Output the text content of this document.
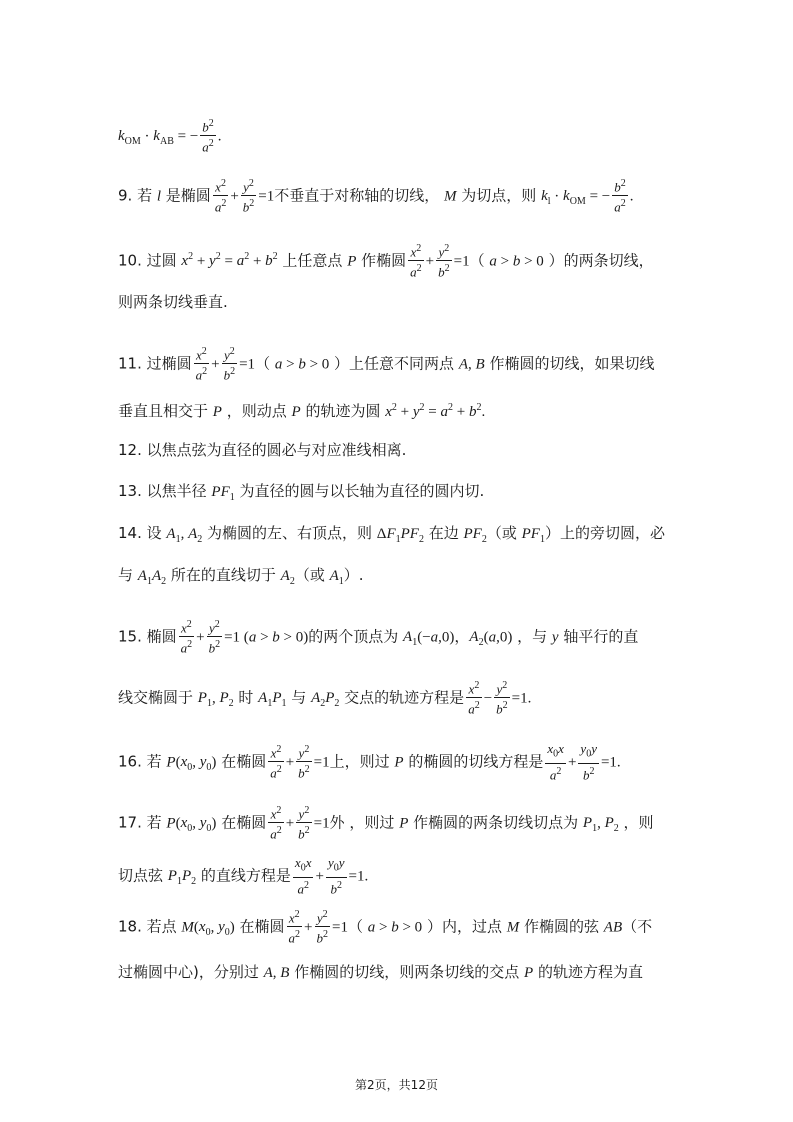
$k_{OM} \cdot k_{AB}$ = − $\frac{b^2}{a^2}$ .
9. 若 l 是椭圆 $\frac{x^2}{a^2} + \frac{y^2}{b^2} =1$不垂直于对称轴的切线， M 为切点，则 $k_l \cdot k_{OM}$ = − $\frac{b^2}{a^2}$ .
10. 过圆 $x^2 + y^2 = a^2 + b^2$ 上任意点 P 作椭圆 $\frac{x^2}{a^2} + \frac{y^2}{b^2} =1$（ a > b > 0 ）的两条切线，
则两条切线垂直.
11. 过椭圆 $\frac{x^2}{a^2} + \frac{y^2}{b^2} =1$（ a > b > 0 ）上任意不同两点 A, B 作椭圆的切线，如果切线
垂直且相交于 P ，则动点 P 的轨迹为圆 $x^2 + y^2 = a^2 + b^2$.
12. 以焦点弦为直径的圆必与对应准线相离.
13. 以焦半径 $PF_1$ 为直径的圆与以长轴为直径的圆内切.
14. 设 $A_1$, $A_2$ 为椭圆的左、右顶点，则 $\Delta F_1PF_2$ 在边 $PF_2$（或 $PF_1$）上的旁切圆，必
与 $A_1A_2$ 所在的直线切于 $A_2$（或 $A_1$）.
15. 椭圆 $\frac{x^2}{a^2} + \frac{y^2}{b^2} =1$ (a > b > 0)的两个顶点为 $A_1(-a,0)$，$A_2(a,0)$ ，与 y 轴平行的直
线交椭圆于 $P_1$, $P_2$ 时 $A_1P_1$ 与 $A_2P_2$ 交点的轨迹方程是 $\frac{x^2}{a^2} - \frac{y^2}{b^2} =1$.
16. 若 $P(x_0$, $y_0$) 在椭圆 $\frac{x^2}{a^2} + \frac{y^2}{b^2} =1$上，则过 P 的椭圆的切线方程是 $\frac{x_0x}{a^2} + \frac{y_0y}{b^2} =1$.
17. 若 $P(x_0$, $y_0$) 在椭圆 $\frac{x^2}{a^2} + \frac{y^2}{b^2} =1$外 ，则过 P 作椭圆的两条切线切点为 $P_1$, $P_2$ ，则
切点弦 $P_1P_2$ 的直线方程是 $\frac{x_0x}{a^2} + \frac{y_0y}{b^2} =1$.
18. 若点 $M(x_0$, $y_0$) 在椭圆 $\frac{x^2}{a^2} + \frac{y^2}{b^2} =1$（ a > b > 0 ）内，过点 M 作椭圆的弦 AB（不
过椭圆中心)，分别过 A, B 作椭圆的切线，则两条切线的交点 P 的轨迹方程为直
第2页，共12页
